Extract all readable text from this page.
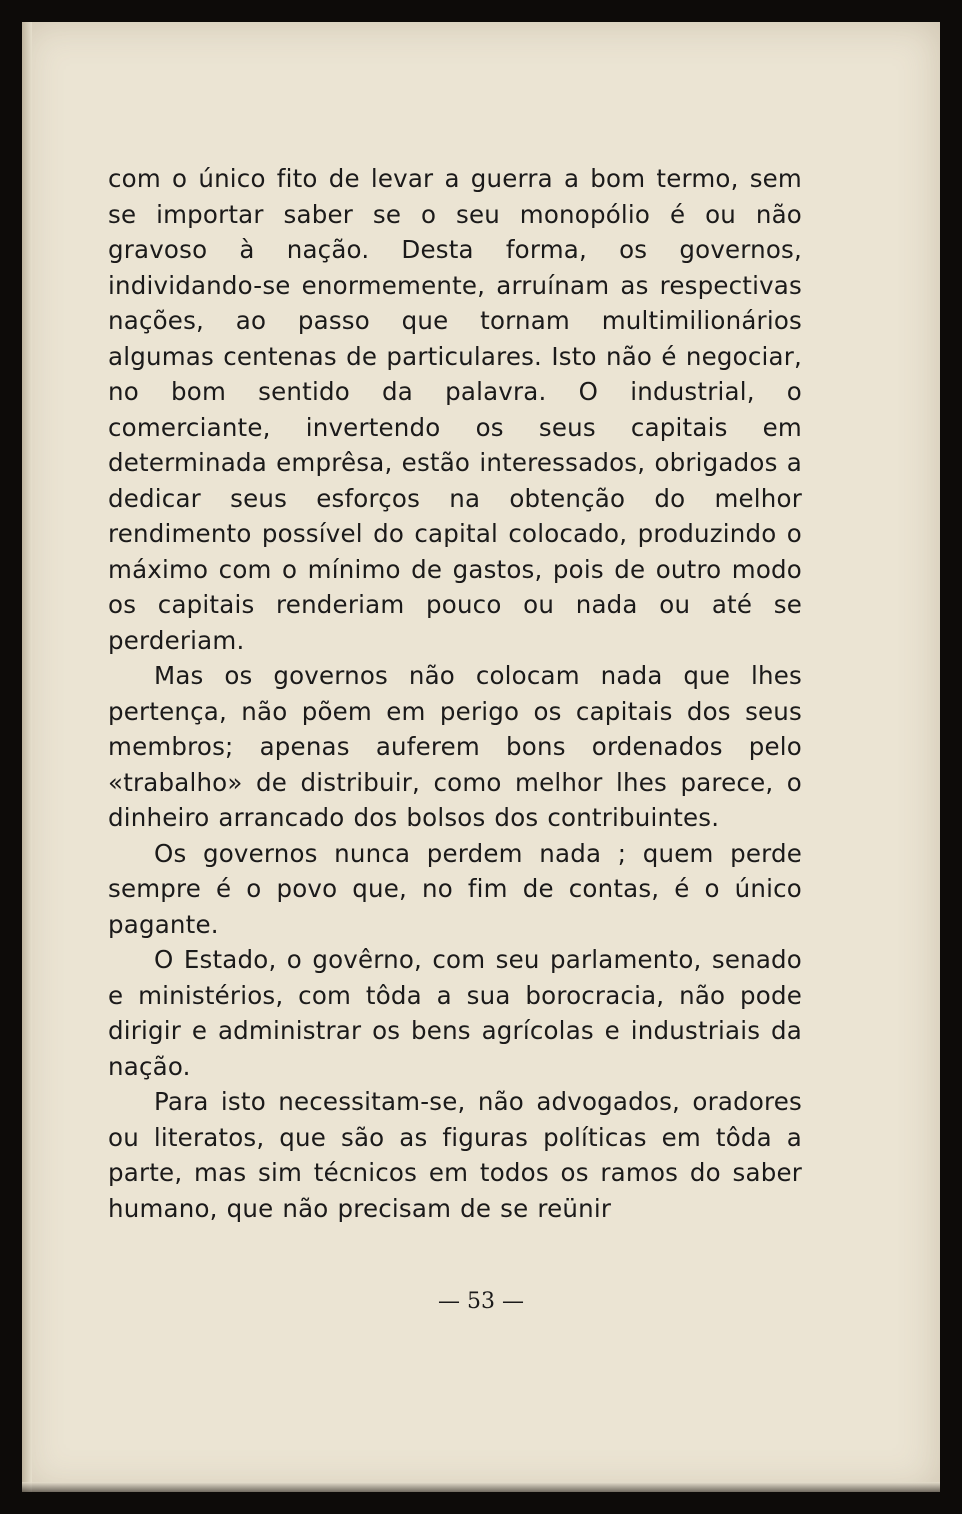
com o único fito de levar a guerra a bom termo, sem se importar saber se o seu monopólio é ou não gravoso à nação. Desta forma, os governos, individando-se enormemente, arruínam as respectivas nações, ao passo que tornam multimilionários algumas centenas de particulares. Isto não é negociar, no bom sentido da palavra. O industrial, o comerciante, invertendo os seus capitais em determinada emprêsa, estão interessados, obrigados a dedicar seus esforços na obtenção do melhor rendimento possível do capital colocado, produzindo o máximo com o mínimo de gastos, pois de outro modo os capitais renderiam pouco ou nada ou até se perderiam.

Mas os governos não colocam nada que lhes pertença, não põem em perigo os capitais dos seus membros; apenas auferem bons ordenados pelo «trabalho» de distribuir, como melhor lhes parece, o dinheiro arrancado dos bolsos dos contribuintes.

Os governos nunca perdem nada ; quem perde sempre é o povo que, no fim de contas, é o único pagante.

O Estado, o govêrno, com seu parlamento, senado e ministérios, com tôda a sua borocracia, não pode dirigir e administrar os bens agrícolas e industriais da nação.

Para isto necessitam-se, não advogados, oradores ou literatos, que são as figuras políticas em tôda a parte, mas sim técnicos em todos os ramos do saber humano, que não precisam de se reünir

— 53 —
